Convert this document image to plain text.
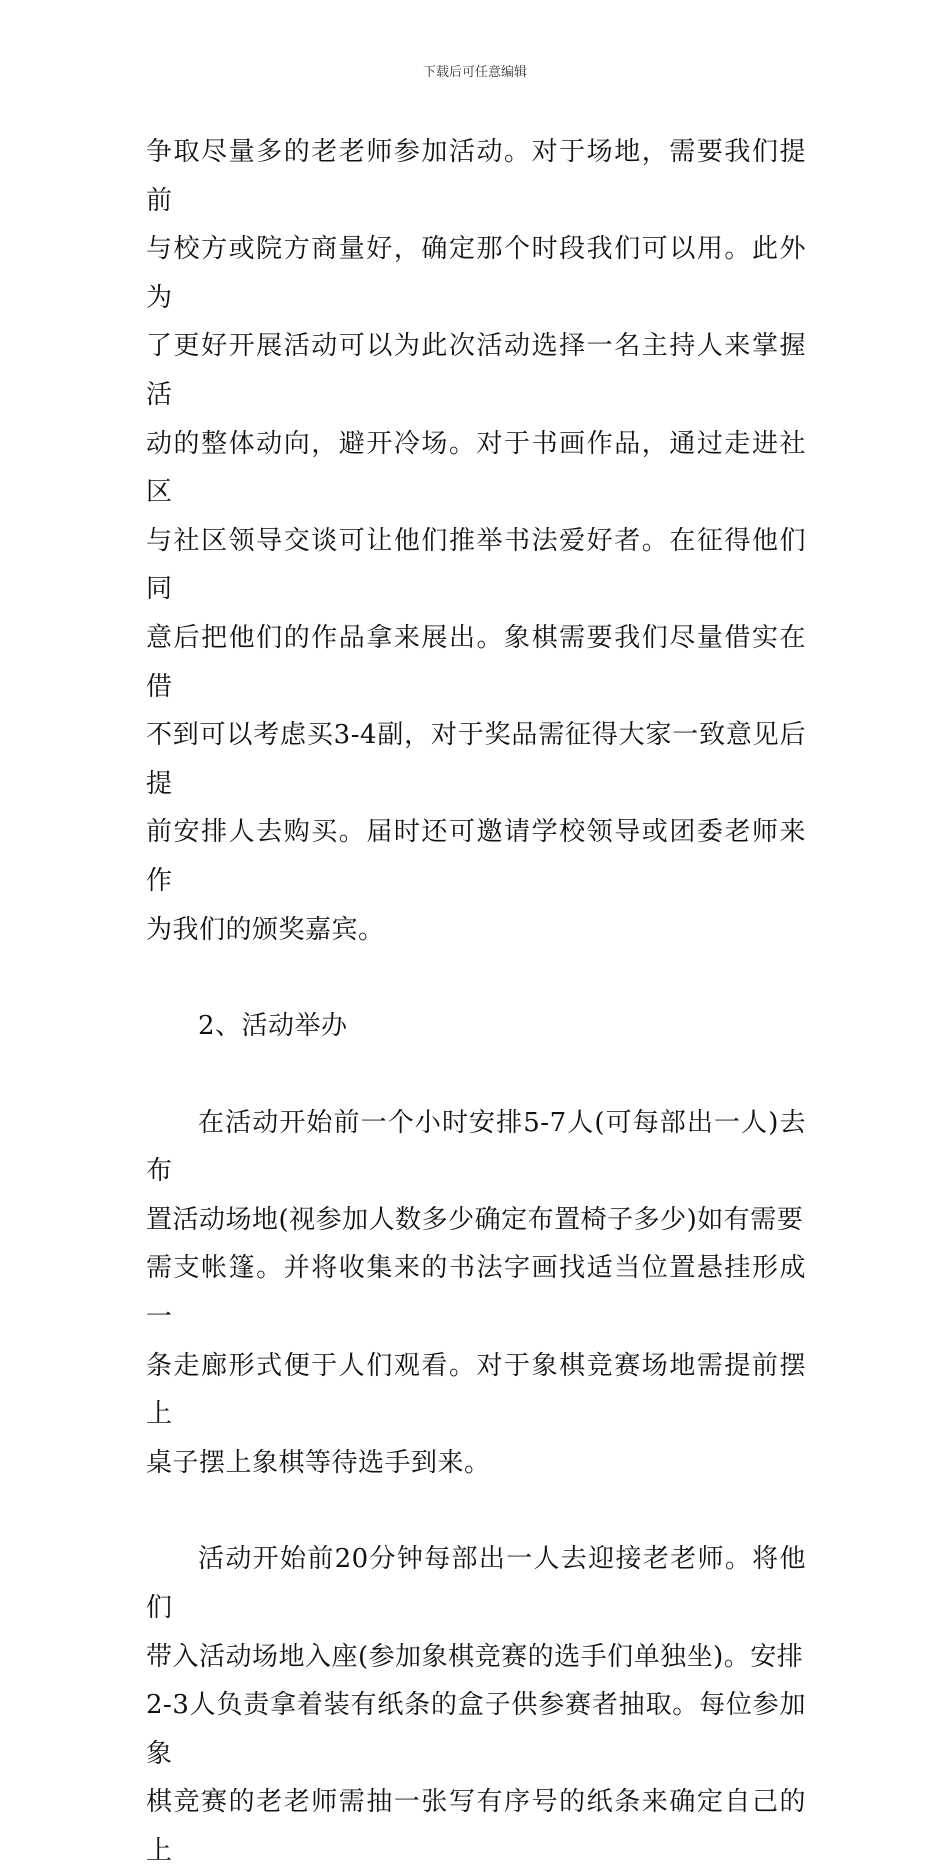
下载后可任意编辑
争取尽量多的老老师参加活动。对于场地，需要我们提前
与校方或院方商量好，确定那个时段我们可以用。此外为
了更好开展活动可以为此次活动选择一名主持人来掌握活
动的整体动向，避开冷场。对于书画作品，通过走进社区
与社区领导交谈可让他们推举书法爱好者。在征得他们同
意后把他们的作品拿来展出。象棋需要我们尽量借实在借
不到可以考虑买3-4副，对于奖品需征得大家一致意见后提
前安排人去购买。届时还可邀请学校领导或团委老师来作
为我们的颁奖嘉宾。
2、活动举办
在活动开始前一个小时安排5-7人(可每部出一人)去布
置活动场地(视参加人数多少确定布置椅子多少)如有需要
需支帐篷。并将收集来的书法字画找适当位置悬挂形成一
条走廊形式便于人们观看。对于象棋竞赛场地需提前摆上
桌子摆上象棋等待选手到来。
活动开始前20分钟每部出一人去迎接老老师。将他们
带入活动场地入座(参加象棋竞赛的选手们单独坐)。安排
2-3人负责拿着装有纸条的盒子供参赛者抽取。每位参加象
棋竞赛的老老师需抽一张写有序号的纸条来确定自己的上
